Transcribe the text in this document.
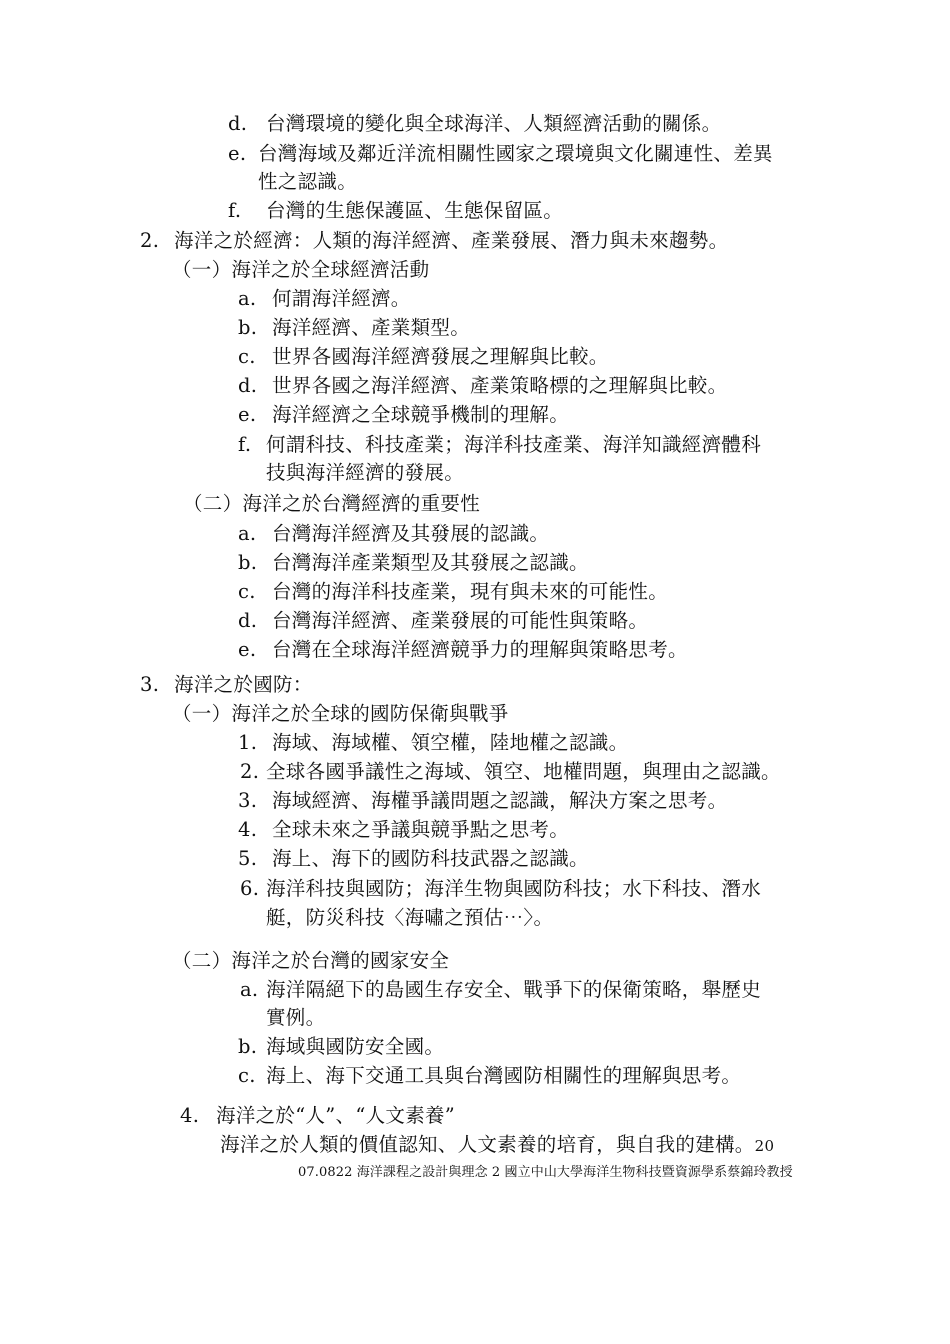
d. 台灣環境的變化與全球海洋、人類經濟活動的關係。
e. 台灣海域及鄰近洋流相關性國家之環境與文化關連性、差異
性之認識。
f. 台灣的生態保護區、生態保留區。
2. 海洋之於經濟：人類的海洋經濟、產業發展、潛力與未來趨勢。
（一）海洋之於全球經濟活動
a. 何謂海洋經濟。
b. 海洋經濟、產業類型。
c. 世界各國海洋經濟發展之理解與比較。
d. 世界各國之海洋經濟、產業策略標的之理解與比較。
e. 海洋經濟之全球競爭機制的理解。
f. 何謂科技、科技產業；海洋科技產業、海洋知識經濟體科
技與海洋經濟的發展。
（二）海洋之於台灣經濟的重要性
a. 台灣海洋經濟及其發展的認識。
b. 台灣海洋產業類型及其發展之認識。
c. 台灣的海洋科技產業，現有與未來的可能性。
d. 台灣海洋經濟、產業發展的可能性與策略。
e. 台灣在全球海洋經濟競爭力的理解與策略思考。
3. 海洋之於國防：
（一）海洋之於全球的國防保衛與戰爭
1. 海域、海域權、領空權，陸地權之認識。
2. 全球各國爭議性之海域、領空、地權問題，與理由之認識。
3. 海域經濟、海權爭議問題之認識，解決方案之思考。
4. 全球未來之爭議與競爭點之思考。
5. 海上、海下的國防科技武器之認識。
6. 海洋科技與國防；海洋生物與國防科技；水下科技、潛水
艇，防災科技〈海嘯之預估⋯〉。
（二）海洋之於台灣的國家安全
a. 海洋隔絕下的島國生存安全、戰爭下的保衛策略，舉歷史
實例。
b. 海域與國防安全國。
c. 海上、海下交通工具與台灣國防相關性的理解與思考。
4. 海洋之於“人”、“人文素養”
海洋之於人類的價值認知、人文素養的培育，與自我的建構。20
07.0822 海洋課程之設計與理念 2 國立中山大學海洋生物科技暨資源學系蔡錦玲教授
